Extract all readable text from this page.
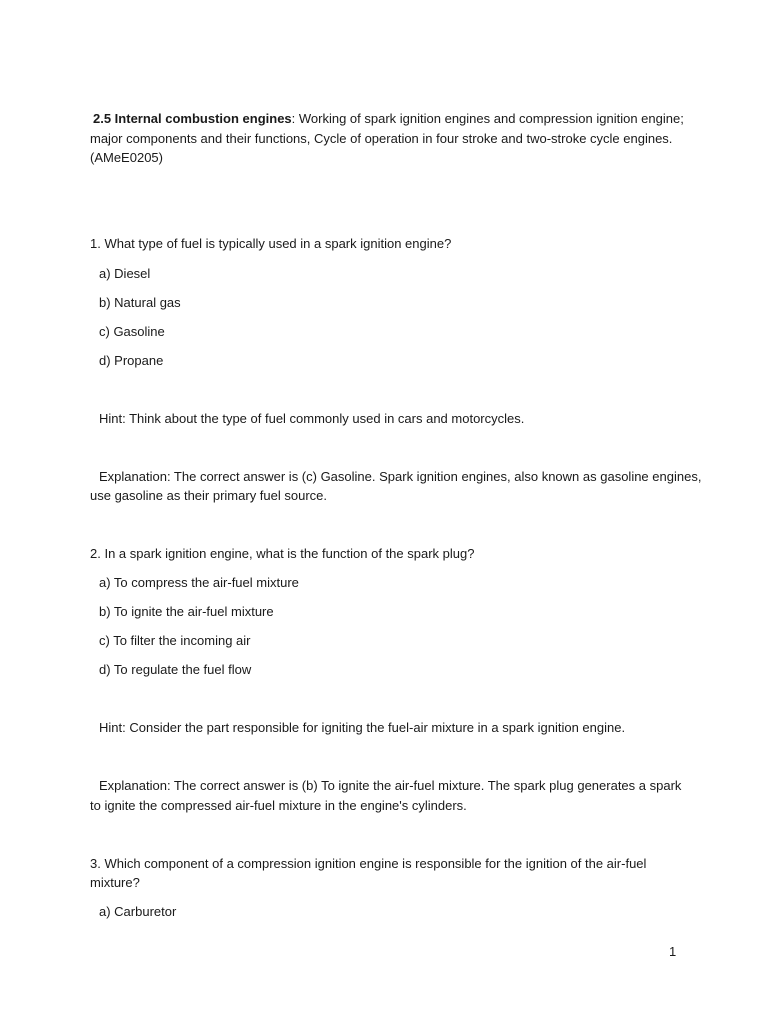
2.5 Internal combustion engines: Working of spark ignition engines and compression ignition engine;
major components and their functions, Cycle of operation in four stroke and two-stroke cycle engines.
(AMeE0205)
1. What type of fuel is typically used in a spark ignition engine?
a) Diesel
b) Natural gas
c) Gasoline
d) Propane
Hint: Think about the type of fuel commonly used in cars and motorcycles.
Explanation: The correct answer is (c) Gasoline. Spark ignition engines, also known as gasoline engines,
use gasoline as their primary fuel source.
2. In a spark ignition engine, what is the function of the spark plug?
a) To compress the air-fuel mixture
b) To ignite the air-fuel mixture
c) To filter the incoming air
d) To regulate the fuel flow
Hint: Consider the part responsible for igniting the fuel-air mixture in a spark ignition engine.
Explanation: The correct answer is (b) To ignite the air-fuel mixture. The spark plug generates a spark
to ignite the compressed air-fuel mixture in the engine's cylinders.
3. Which component of a compression ignition engine is responsible for the ignition of the air-fuel
mixture?
a) Carburetor
1
